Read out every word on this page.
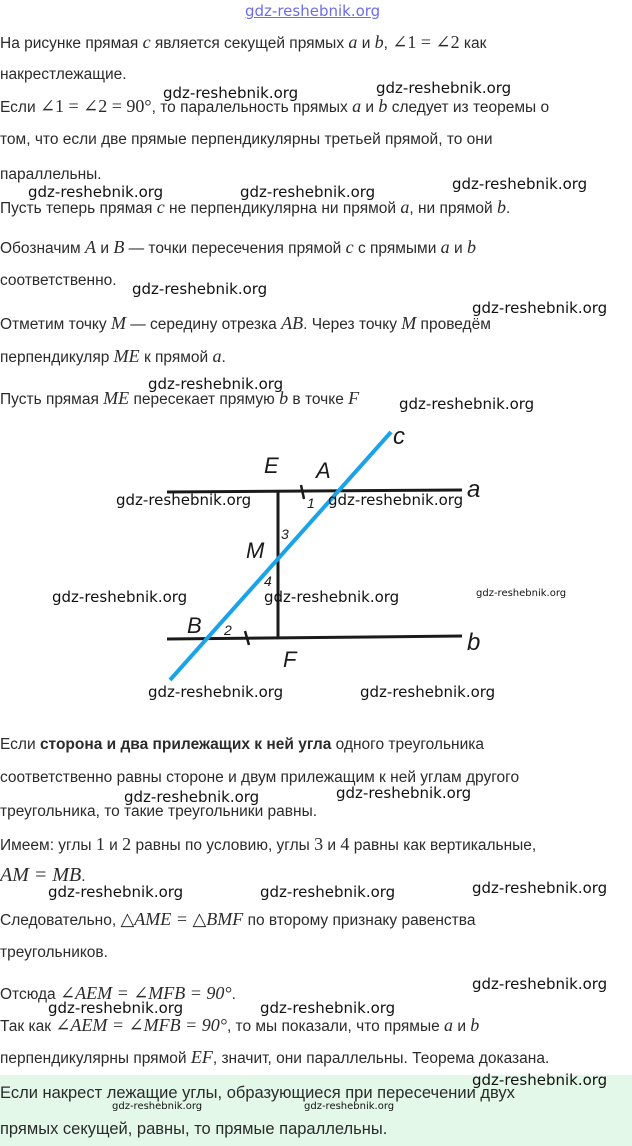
gdz-reshebnik.org
На рисунке прямая c является секущей прямых a и b, ∠1 = ∠2 как
накрестлежащие.
Если ∠1 = ∠2 = 90°, то паралельность прямых a и b следует из теоремы о
том, что если две прямые перпендикулярны третьей прямой, то они
параллельны.
Пусть теперь прямая c не перпендикулярна ни прямой a, ни прямой b.
Обозначим A и B — точки пересечения прямой c с прямыми a и b
соответственно.
Отметим точку M — середину отрезка AB. Через точку M проведём
перпендикуляр ME к прямой a.
Пусть прямая ME пересекает прямую b в точке F
c
a
b
E A
M
B
F
1
2
3
4
Если сторона и два прилежащих к ней угла одного треугольника
соответственно равны стороне и двум прилежащим к ней углам другого
треугольника, то такие треугольники равны.
Имеем: углы 1 и 2 равны по условию, углы 3 и 4 равны как вертикальные,
AM = MB.
Следовательно, △AME = △BMF по второму признаку равенства
треугольников.
Отсюда ∠AEM = ∠MFB = 90°.
Так как ∠AEM = ∠MFB = 90°, то мы показали, что прямые a и b
перпендикулярны прямой EF, значит, они параллельны. Теорема доказана.
Если накрест лежащие углы, образующиеся при пересечении двух
прямых секущей, равны, то прямые параллельны.
gdz-reshebnik.org
gdz-reshebnik.org
gdz-reshebnik.org
gdz-reshebnik.org	gdz-reshebnik.org
gdz-reshebnik.org
gdz-reshebnik.org
gdz-reshebnik.org
gdz-reshebnik.org
gdz-reshebnik.org	gdz-reshebnik.org
gdz-reshebnik.org	gdz-reshebnik.org	gdz-reshebnik.org
gdz-reshebnik.org	gdz-reshebnik.org
gdz-reshebnik.org
gdz-reshebnik.org
gdz-reshebnik.org
gdz-reshebnik.org	gdz-reshebnik.org
gdz-reshebnik.org
gdz-reshebnik.org	gdz-reshebnik.org
gdz-reshebnik.org
gdz-reshebnik.org	gdz-reshebnik.org
